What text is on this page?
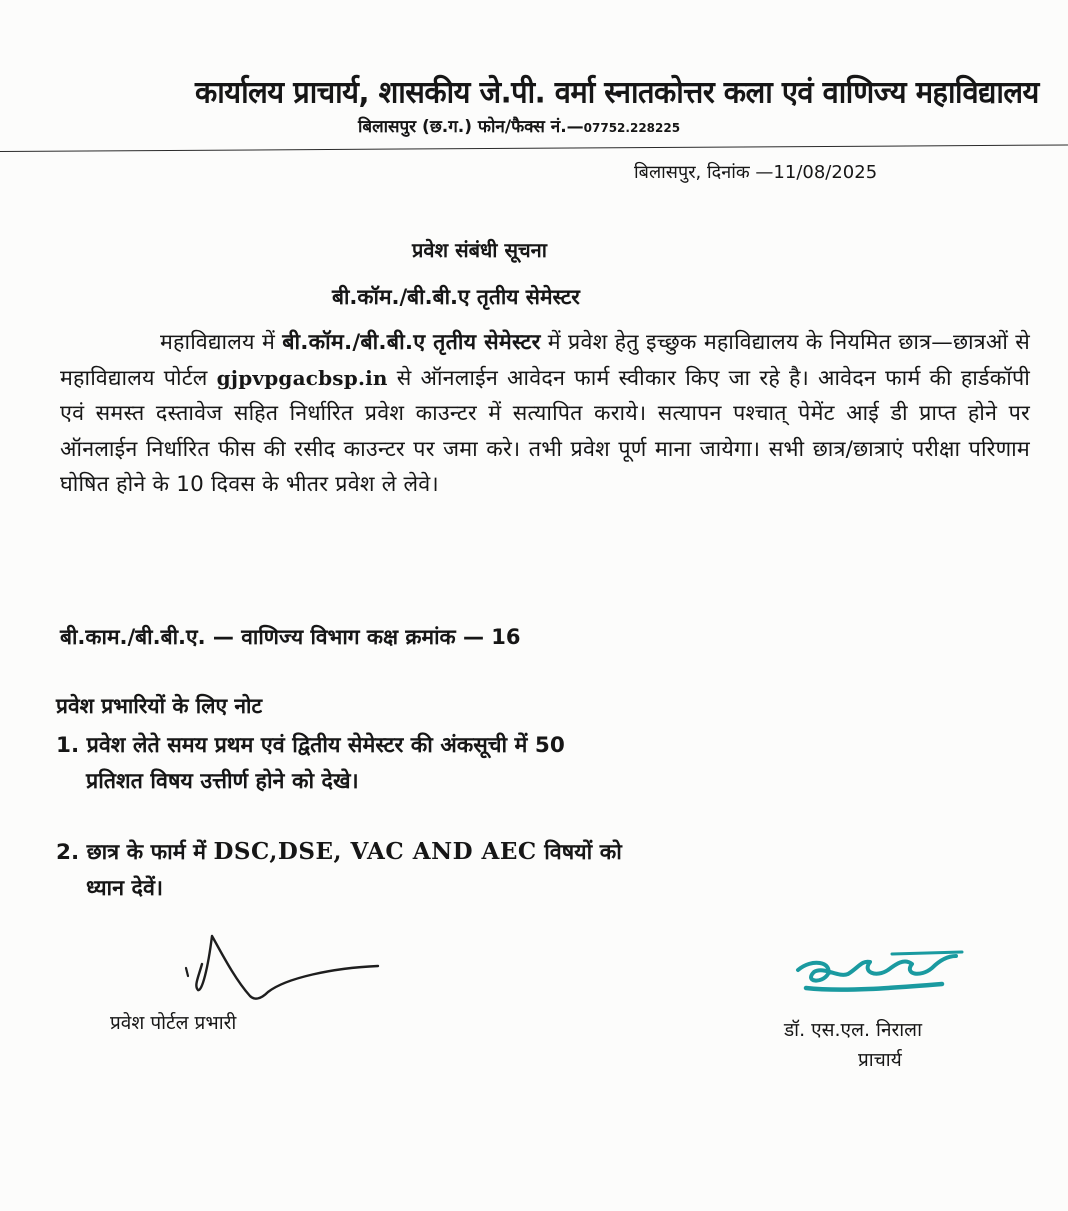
कार्यालय प्राचार्य, शासकीय जे.पी. वर्मा स्नातकोत्तर कला एवं वाणिज्य महाविद्यालय
बिलासपुर (छ.ग.) फोन/फैक्स नं.—07752.228225
बिलासपुर, दिनांक —11/08/2025
प्रवेश संबंधी सूचना
बी.कॉम./बी.बी.ए तृतीय सेमेस्टर
महाविद्यालय में बी.कॉम./बी.बी.ए तृतीय सेमेस्टर में प्रवेश हेतु इच्छुक महाविद्यालय के नियमित छात्र—छात्रओं से महाविद्यालय पोर्टल gjpvpgacbsp.in से ऑनलाईन आवेदन फार्म स्वीकार किए जा रहे है। आवेदन फार्म की हार्डकॉपी एवं समस्त दस्तावेज सहित निर्धारित प्रवेश काउन्टर में सत्यापित कराये। सत्यापन पश्चात् पेमेंट आई डी प्राप्त होने पर ऑनलाईन निर्धारित फीस की रसीद काउन्टर पर जमा करे। तभी प्रवेश पूर्ण माना जायेगा। सभी छात्र/छात्राएं परीक्षा परिणाम घोषित होने के 10 दिवस के भीतर प्रवेश ले लेवे।
बी.काम./बी.बी.ए. — वाणिज्य विभाग कक्ष क्रमांक — 16
प्रवेश प्रभारियों के लिए नोट
1. प्रवेश लेते समय प्रथम एवं द्वितीय सेमेस्टर की अंकसूची में 50
प्रतिशत विषय उत्तीर्ण होने को देखे।
2. छात्र के फार्म में DSC,DSE, VAC AND AEC विषयों को
ध्यान देवें।
प्रवेश पोर्टल प्रभारी	डॉ. एस.एल. निराला
प्राचार्य
